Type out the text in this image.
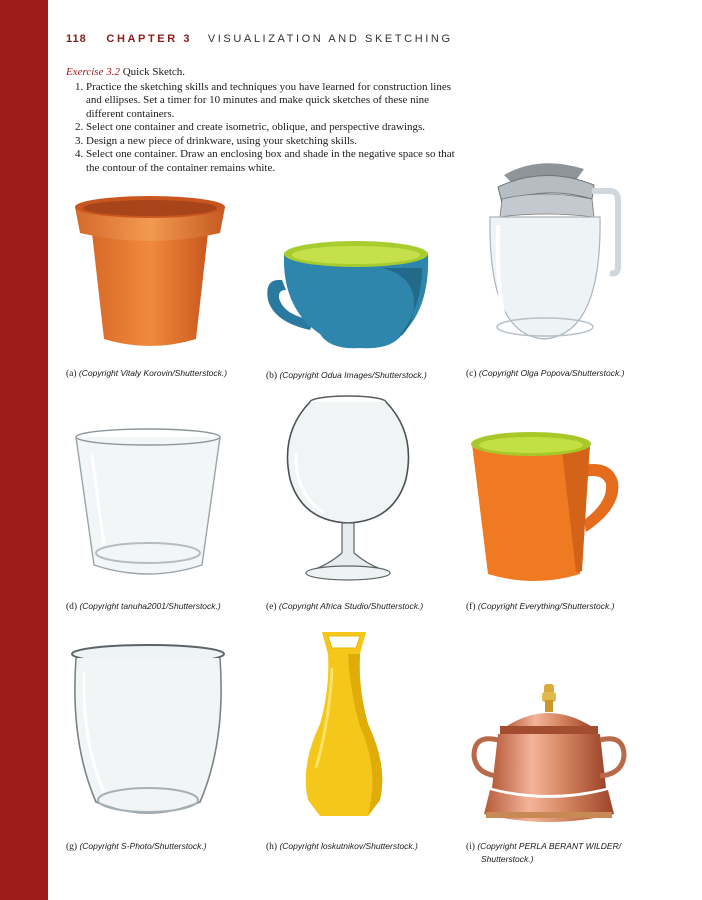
118 CHAPTER 3 VISUALIZATION AND SKETCHING
Exercise 3.2 Quick Sketch.
1. Practice the sketching skills and techniques you have learned for construction lines and ellipses. Set a timer for 10 minutes and make quick sketches of these nine different containers.
2. Select one container and create isometric, oblique, and perspective drawings.
3. Design a new piece of drinkware, using your sketching skills.
4. Select one container. Draw an enclosing box and shade in the negative space so that the contour of the container remains white.
(a) (Copyright Vitaly Korovin/Shutterstock.)	(b) (Copyright Odua Images/Shutterstock.)	(c) (Copyright Olga Popova/Shutterstock.)
(d) (Copyright tanuha2001/Shutterstock.)	(e) (Copyright Africa Studio/Shutterstock.)	(f) (Copyright Everything/Shutterstock.)
(g) (Copyright S-Photo/Shutterstock.)	(h) (Copyright loskutnikov/Shutterstock.)	(i) (Copyright PERLA BERANT WILDER/
Shutterstock.)
